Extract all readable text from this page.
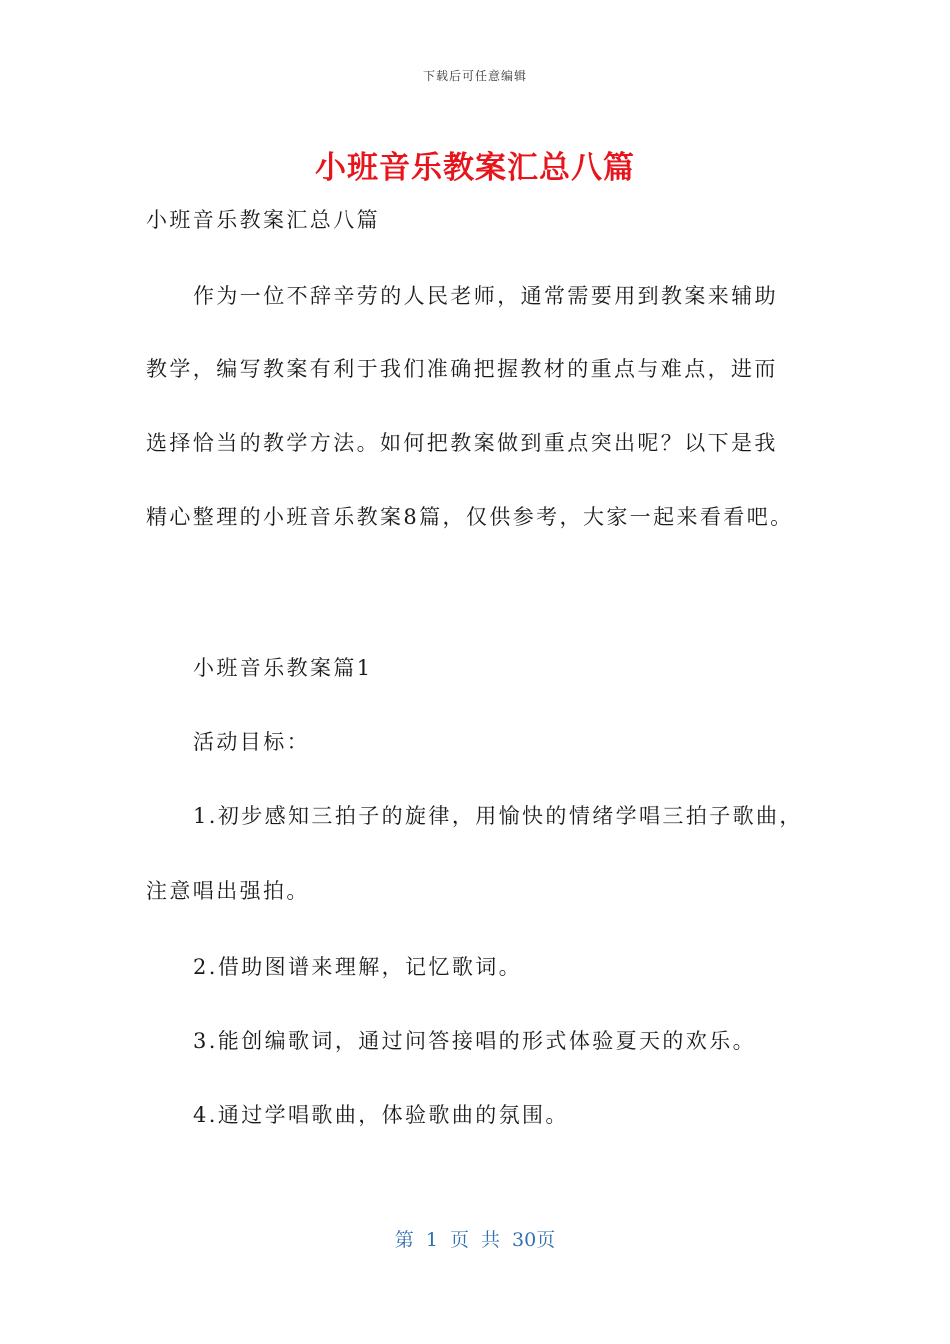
下载后可任意编辑
小班音乐教案汇总八篇
小班音乐教案汇总八篇
作为一位不辞辛劳的人民老师，通常需要用到教案来辅助
教学，编写教案有利于我们准确把握教材的重点与难点，进而
选择恰当的教学方法。如何把教案做到重点突出呢？以下是我
精心整理的小班音乐教案8篇，仅供参考，大家一起来看看吧。
小班音乐教案篇1
活动目标：
1.初步感知三拍子的旋律，用愉快的情绪学唱三拍子歌曲，
注意唱出强拍。
2.借助图谱来理解，记忆歌词。
3.能创编歌词，通过问答接唱的形式体验夏天的欢乐。
4.通过学唱歌曲，体验歌曲的氛围。
第 1 页 共 30页
